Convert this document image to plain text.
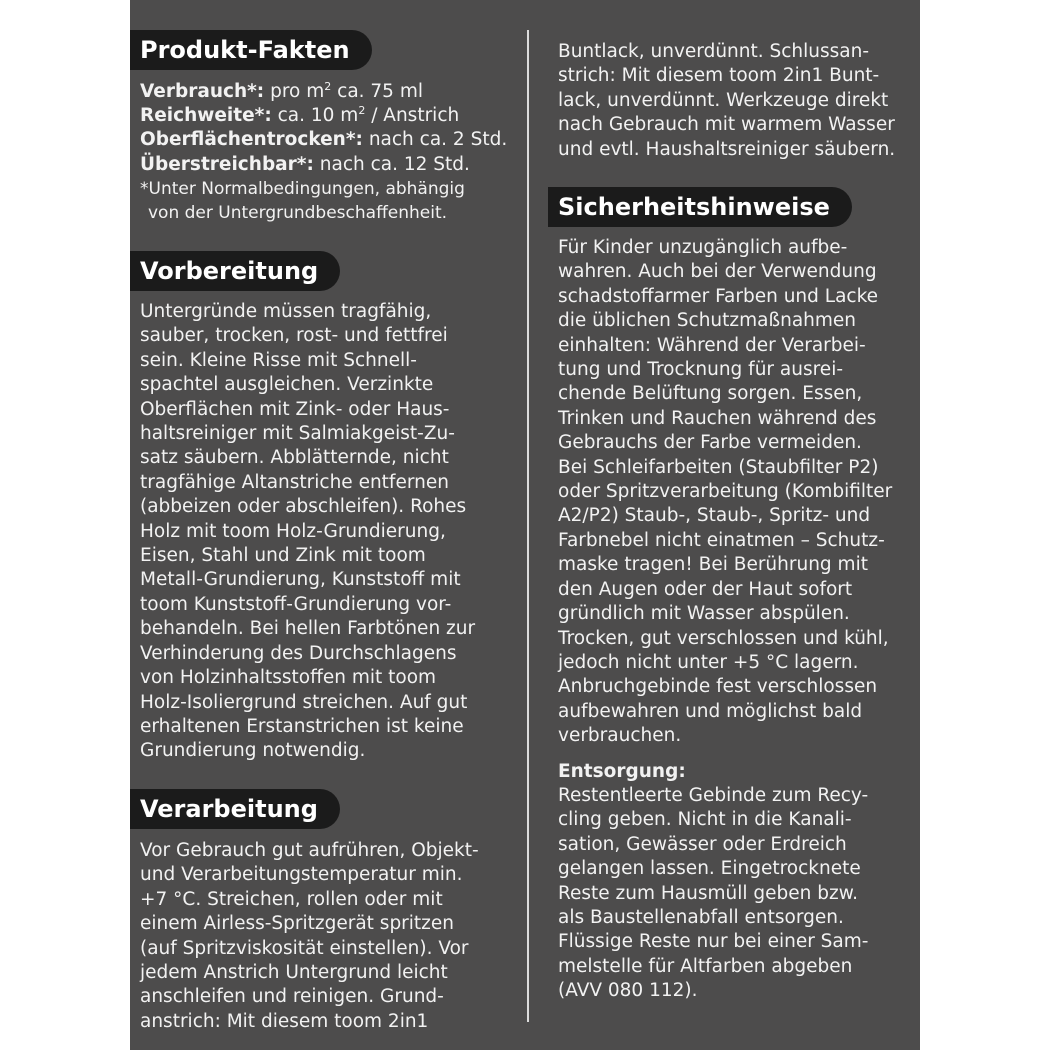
Produkt-Fakten
Verbrauch*: pro $m^2$ ca. 75 ml
Reichweite*: ca. 10 $m^2$ / Anstrich
Oberflächentrocken*: nach ca. 2 Std.
Überstreichbar*: nach ca. 12 Std.
*Unter Normalbedingungen, abhängig
von der Untergrundbeschaffenheit.
Vorbereitung
Untergründe müssen tragfähig,
sauber, trocken, rost- und fettfrei
sein. Kleine Risse mit Schnell-
spachtel ausgleichen. Verzinkte
Oberflächen mit Zink- oder Haus-
haltsreiniger mit Salmiakgeist-Zu-
satz säubern. Abblätternde, nicht
tragfähige Altanstriche entfernen
(abbeizen oder abschleifen). Rohes
Holz mit toom Holz-Grundierung,
Eisen, Stahl und Zink mit toom
Metall-Grundierung, Kunststoff mit
toom Kunststoff-Grundierung vor-
behandeln. Bei hellen Farbtönen zur
Verhinderung des Durchschlagens
von Holzinhaltsstoffen mit toom
Holz-Isoliergrund streichen. Auf gut
erhaltenen Erstanstrichen ist keine
Grundierung notwendig.
Verarbeitung
Vor Gebrauch gut aufrühren, Objekt-
und Verarbeitungstemperatur min.
+7 °C. Streichen, rollen oder mit
einem Airless-Spritzgerät spritzen
(auf Spritzviskosität einstellen). Vor
jedem Anstrich Untergrund leicht
anschleifen und reinigen. Grund-
anstrich: Mit diesem toom 2in1
Buntlack, unverdünnt. Schlussan-
strich: Mit diesem toom 2in1 Bunt-
lack, unverdünnt. Werkzeuge direkt
nach Gebrauch mit warmem Wasser
und evtl. Haushaltsreiniger säubern.
Sicherheitshinweise
Für Kinder unzugänglich aufbe-
wahren. Auch bei der Verwendung
schadstoffarmer Farben und Lacke
die üblichen Schutzmaßnahmen
einhalten: Während der Verarbei-
tung und Trocknung für ausrei-
chende Belüftung sorgen. Essen,
Trinken und Rauchen während des
Gebrauchs der Farbe vermeiden.
Bei Schleifarbeiten (Staubfilter P2)
oder Spritzverarbeitung (Kombifilter
A2/P2) Staub-, Staub-, Spritz- und
Farbnebel nicht einatmen – Schutz-
maske tragen! Bei Berührung mit
den Augen oder der Haut sofort
gründlich mit Wasser abspülen.
Trocken, gut verschlossen und kühl,
jedoch nicht unter +5 °C lagern.
Anbruchgebinde fest verschlossen
aufbewahren und möglichst bald
verbrauchen.
Entsorgung:
Restentleerte Gebinde zum Recy-
cling geben. Nicht in die Kanali-
sation, Gewässer oder Erdreich
gelangen lassen. Eingetrocknete
Reste zum Hausmüll geben bzw.
als Baustellenabfall entsorgen.
Flüssige Reste nur bei einer Sam-
melstelle für Altfarben abgeben
(AVV 080 112).
